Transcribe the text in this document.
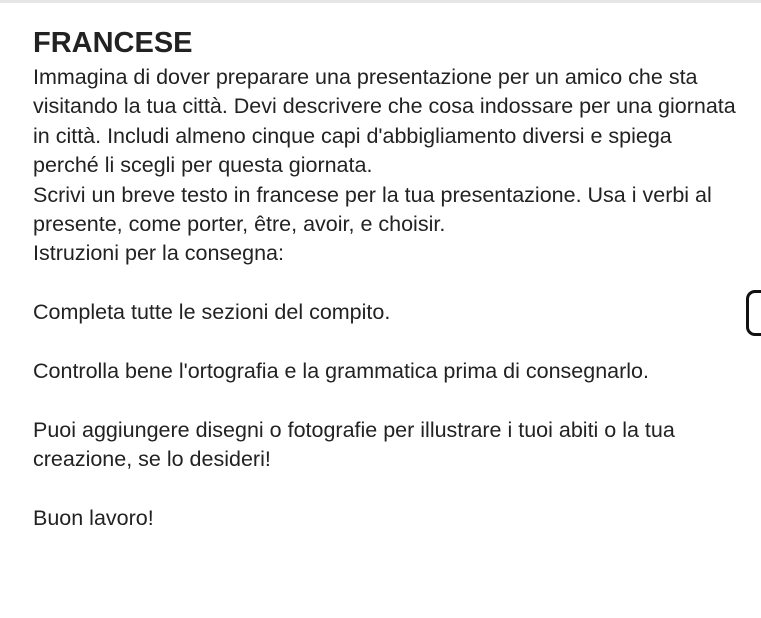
FRANCESE

Immagina di dover preparare una presentazione per un amico che sta visitando la tua città. Devi descrivere che cosa indossare per una giornata in città. Includi almeno cinque capi d'abbigliamento diversi e spiega perché li scegli per questa giornata.

Scrivi un breve testo in francese per la tua presentazione. Usa i verbi al presente, come porter, être, avoir, e choisir.

Istruzioni per la consegna:

Completa tutte le sezioni del compito.

Controlla bene l'ortografia e la grammatica prima di consegnarlo.

Puoi aggiungere disegni o fotografie per illustrare i tuoi abiti o la tua creazione, se lo desideri!

Buon lavoro!
